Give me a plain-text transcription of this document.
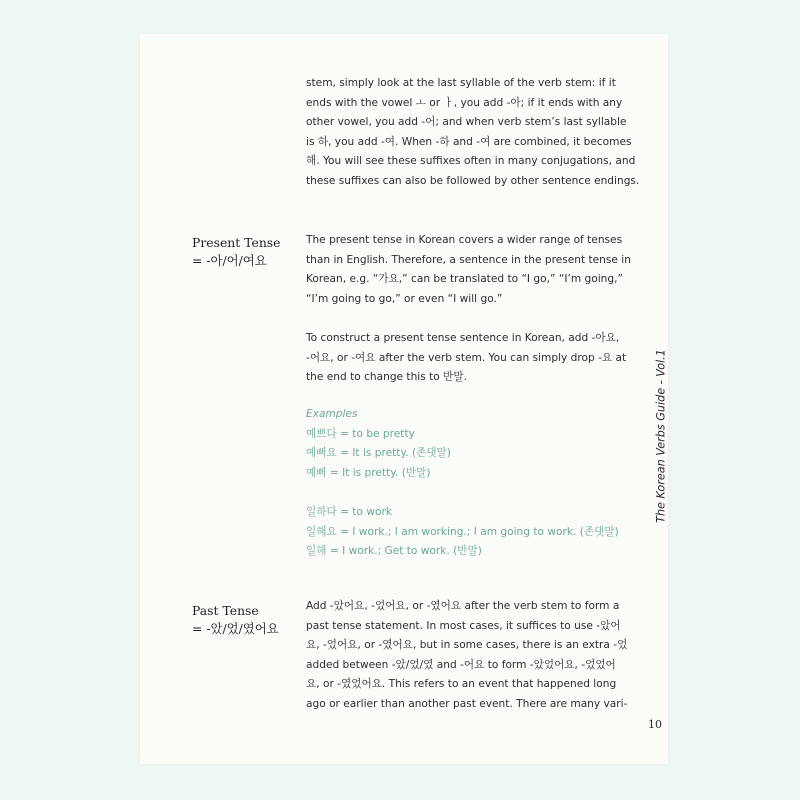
stem, simply look at the last syllable of the verb stem: if it
ends with the vowel ㅗ or ㅏ, you add -아; if it ends with any
other vowel, you add -어; and when verb stem’s last syllable
is 하, you add -여. When -하 and -여 are combined, it becomes
해. You will see these suffixes often in many conjugations, and
these suffixes can also be followed by other sentence endings.

Present Tense
= -아/어/여요

The present tense in Korean covers a wider range of tenses
than in English. Therefore, a sentence in the present tense in
Korean, e.g. “가요,” can be translated to “I go,” “I’m going,”
“I’m going to go,” or even “I will go.”

To construct a present tense sentence in Korean, add -아요,
-어요, or -여요 after the verb stem. You can simply drop -요 at
the end to change this to 반말.

Examples
예쁘다 = to be pretty
예뻐요 = It is pretty. (존댓말)
예뻐 = It is pretty. (반말)
일하다 = to work
일해요 = I work.; I am working.; I am going to work. (존댓말)
일해 = I work.; Get to work. (반말)
Past Tense
= -았/었/였어요

Add -았어요, -었어요, or -였어요 after the verb stem to form a
past tense statement. In most cases, it suffices to use -았어
요, -었어요, or -였어요, but in some cases, there is an extra -었
added between -았/었/였 and -어요 to form -았었어요, -었었어
요, or -였었어요. This refers to an event that happened long
ago or earlier than another past event. There are many vari-

The Korean Verbs Guide - Vol.1
10
